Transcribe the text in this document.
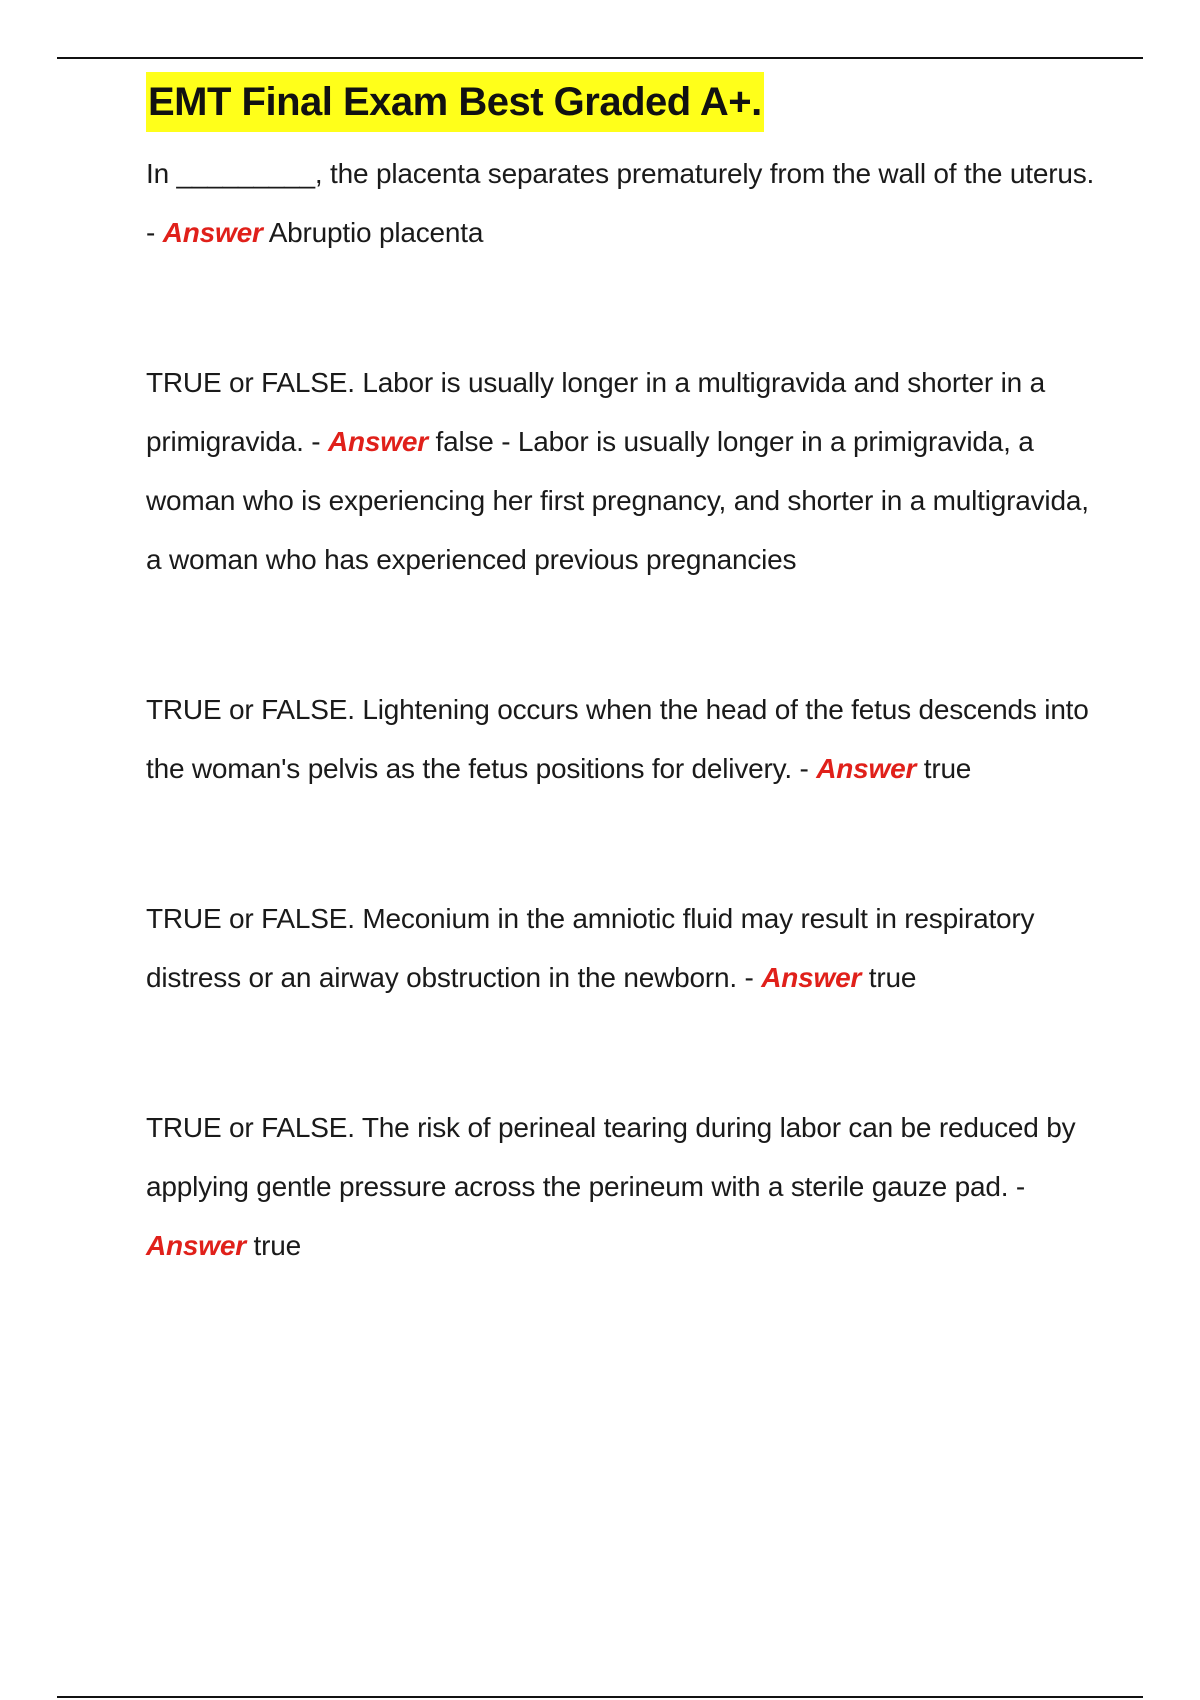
EMT Final Exam Best Graded A+.

In _________, the placenta separates prematurely from the wall of the uterus. - Answer Abruptio placenta

TRUE or FALSE. Labor is usually longer in a multigravida and shorter in a primigravida. - Answer false - Labor is usually longer in a primigravida, a woman who is experiencing her first pregnancy, and shorter in a multigravida, a woman who has experienced previous pregnancies

TRUE or FALSE. Lightening occurs when the head of the fetus descends into the woman's pelvis as the fetus positions for delivery. - Answer true

TRUE or FALSE. Meconium in the amniotic fluid may result in respiratory distress or an airway obstruction in the newborn. - Answer true

TRUE or FALSE. The risk of perineal tearing during labor can be reduced by applying gentle pressure across the perineum with a sterile gauze pad. - Answer true
